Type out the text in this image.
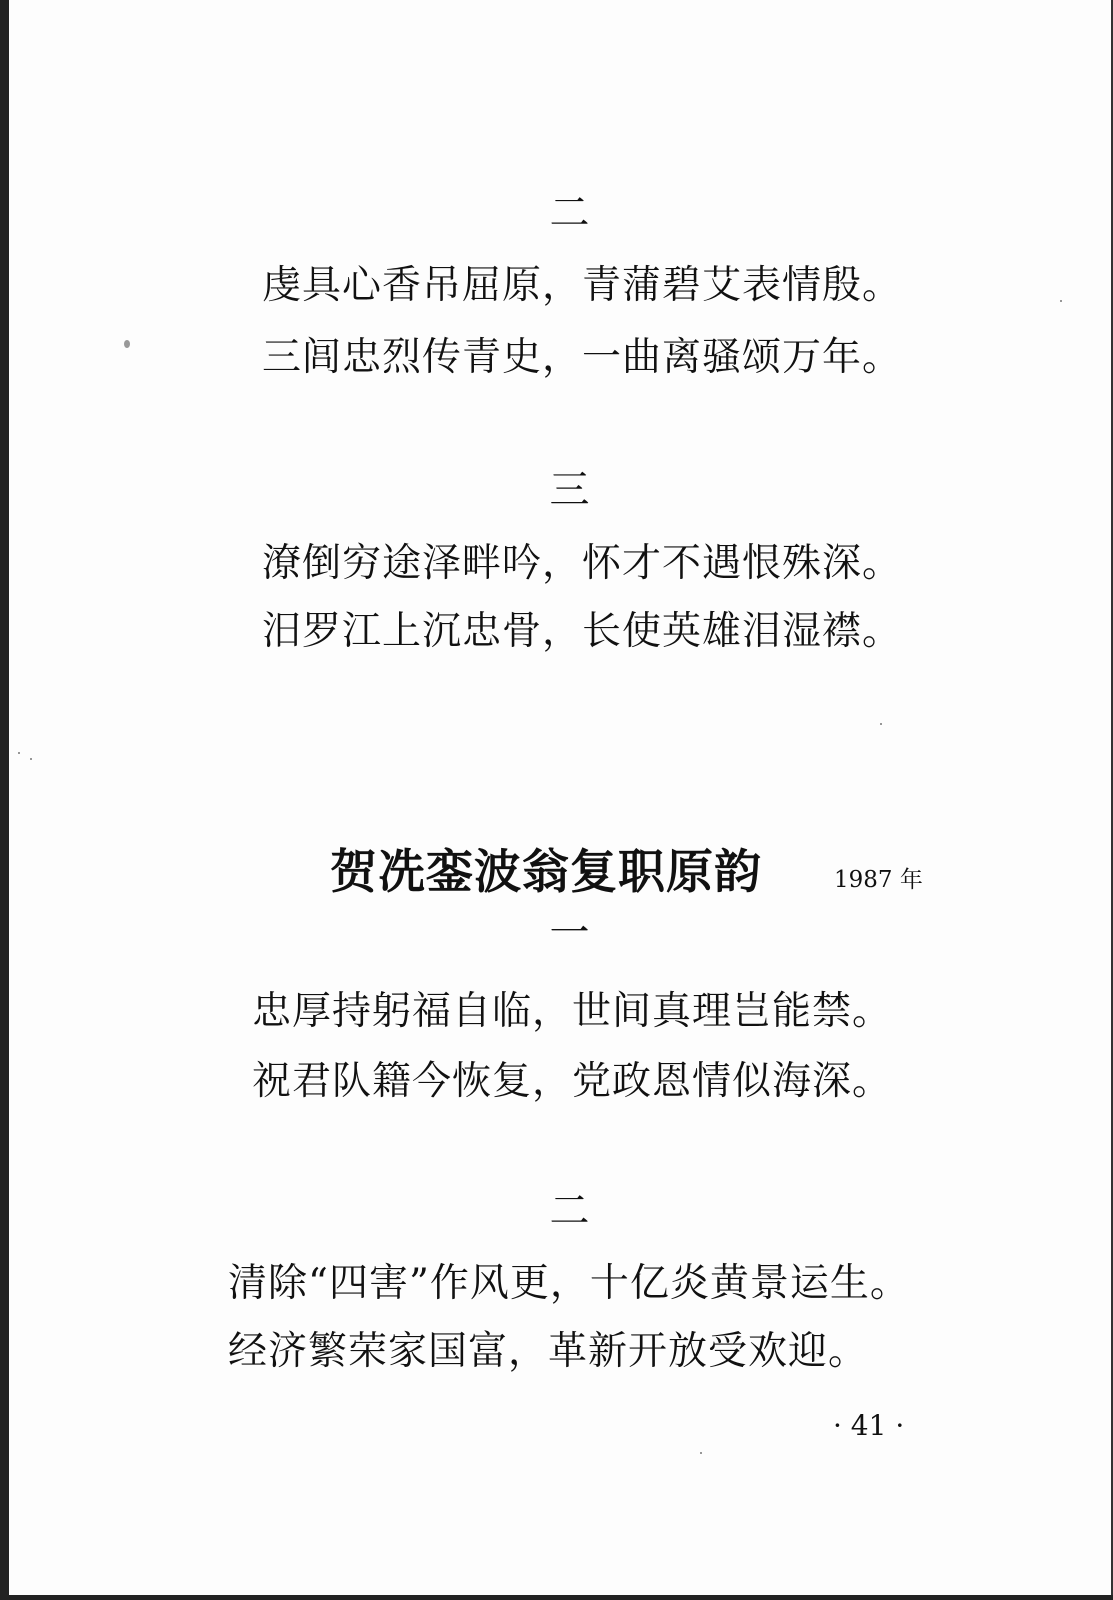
二
虔具心香吊屈原，青蒲碧艾表情殷。
三闾忠烈传青史，一曲离骚颂万年。
三
潦倒穷途泽畔吟，怀才不遇恨殊深。
汨罗江上沉忠骨，长使英雄泪湿襟。
贺冼銮波翁复职原韵	1987 年
一
忠厚持躬福自临，世间真理岂能禁。
祝君队籍今恢复，党政恩情似海深。
二
清除“四害”作风更，十亿炎黄景运生。
经济繁荣家国富，革新开放受欢迎。
· 41 ·
